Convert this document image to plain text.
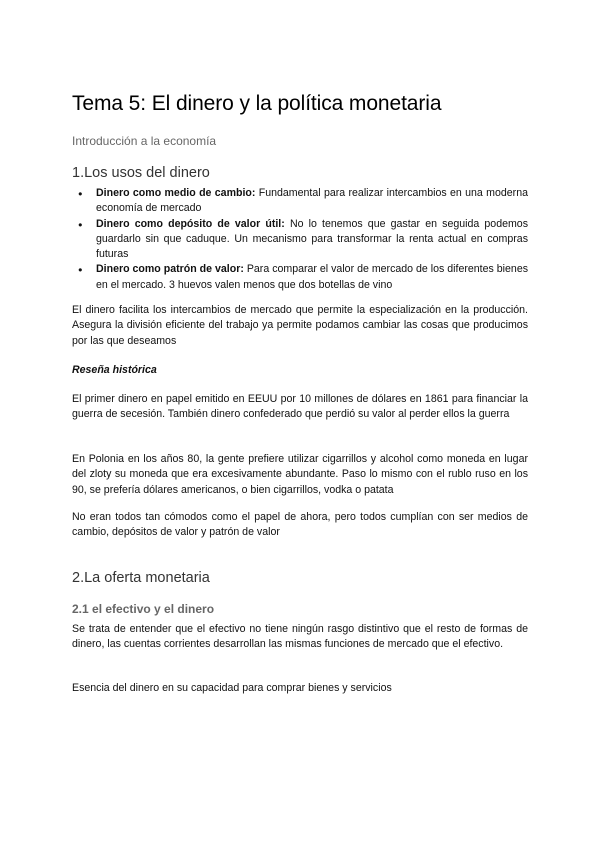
Tema 5: El dinero y la política monetaria

Introducción a la economía

1.Los usos del dinero
● Dinero como medio de cambio: Fundamental para realizar intercambios en una moderna economía de mercado
● Dinero como depósito de valor útil: No lo tenemos que gastar en seguida podemos guardarlo sin que caduque. Un mecanismo para transformar la renta actual en compras futuras
● Dinero como patrón de valor: Para comparar el valor de mercado de los diferentes bienes en el mercado. 3 huevos valen menos que dos botellas de vino

El dinero facilita los intercambios de mercado que permite la especialización en la producción. Asegura la división eficiente del trabajo ya permite podamos cambiar las cosas que producimos por las que deseamos

Reseña histórica

El primer dinero en papel emitido en EEUU por 10 millones de dólares en 1861 para financiar la guerra de secesión. También dinero confederado que perdió su valor al perder ellos la guerra

En Polonia en los años 80, la gente prefiere utilizar cigarrillos y alcohol como moneda en lugar del zloty su moneda que era excesivamente abundante. Paso lo mismo con el rublo ruso en los 90, se prefería dólares americanos, o bien cigarrillos, vodka o patata

No eran todos tan cómodos como el papel de ahora, pero todos cumplían con ser medios de cambio, depósitos de valor y patrón de valor

2.La oferta monetaria
2.1 el efectivo y el dinero

Se trata de entender que el efectivo no tiene ningún rasgo distintivo que el resto de formas de dinero, las cuentas corrientes desarrollan las mismas funciones de mercado que el efectivo.

Esencia del dinero en su capacidad para comprar bienes y servicios
